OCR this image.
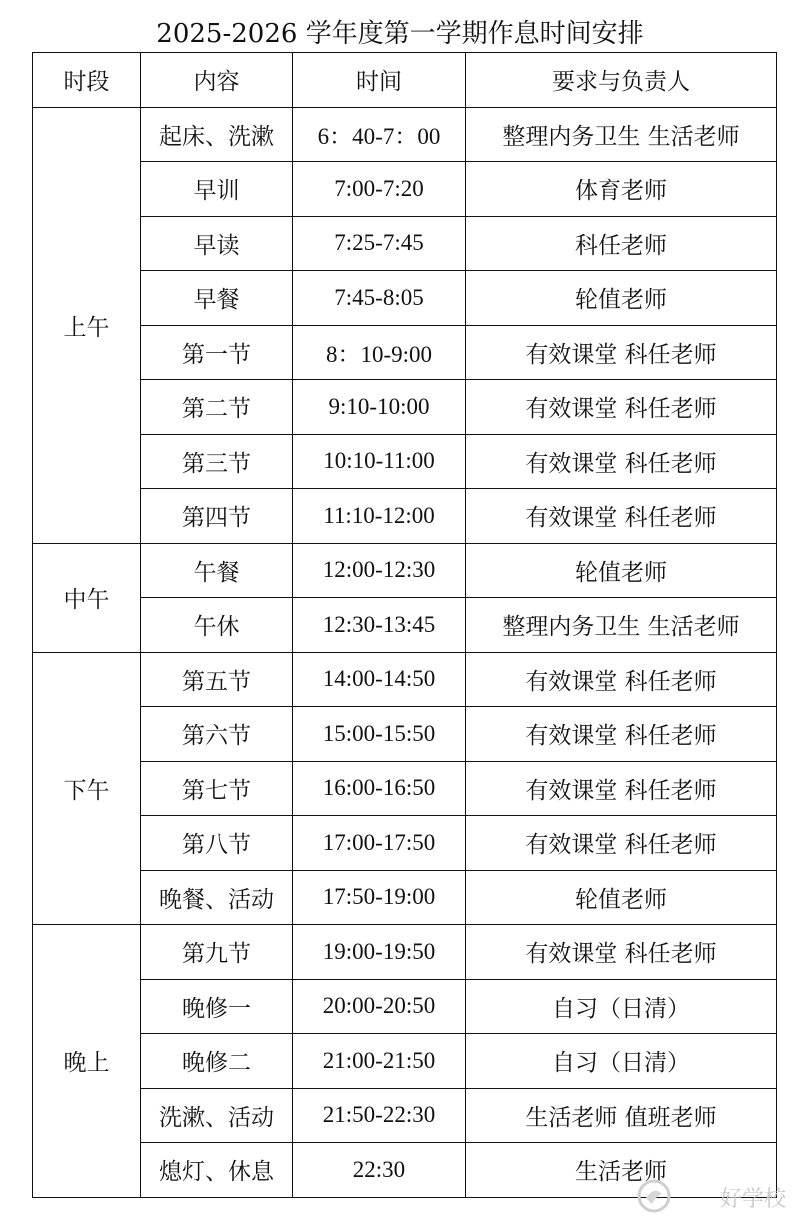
2025-2026 学年度第一学期作息时间安排
时段	内容	时间	要求与负责人
上午	起床、洗漱	6：40-7：00	整理内务卫生 生活老师
	早训	7:00-7:20	体育老师
	早读	7:25-7:45	科任老师
	早餐	7:45-8:05	轮值老师
	第一节	8：10-9:00	有效课堂 科任老师
	第二节	9:10-10:00	有效课堂 科任老师
	第三节	10:10-11:00	有效课堂 科任老师
	第四节	11:10-12:00	有效课堂 科任老师
中午	午餐	12:00-12:30	轮值老师
	午休	12:30-13:45	整理内务卫生 生活老师
下午	第五节	14:00-14:50	有效课堂 科任老师
	第六节	15:00-15:50	有效课堂 科任老师
	第七节	16:00-16:50	有效课堂 科任老师
	第八节	17:00-17:50	有效课堂 科任老师
	晚餐、活动	17:50-19:00	轮值老师
晚上	第九节	19:00-19:50	有效课堂 科任老师
	晚修一	20:00-20:50	自习（日清）
	晚修二	21:00-21:50	自习（日清）
	洗漱、活动	21:50-22:30	生活老师 值班老师
	熄灯、休息	22:30	生活老师
好学校
